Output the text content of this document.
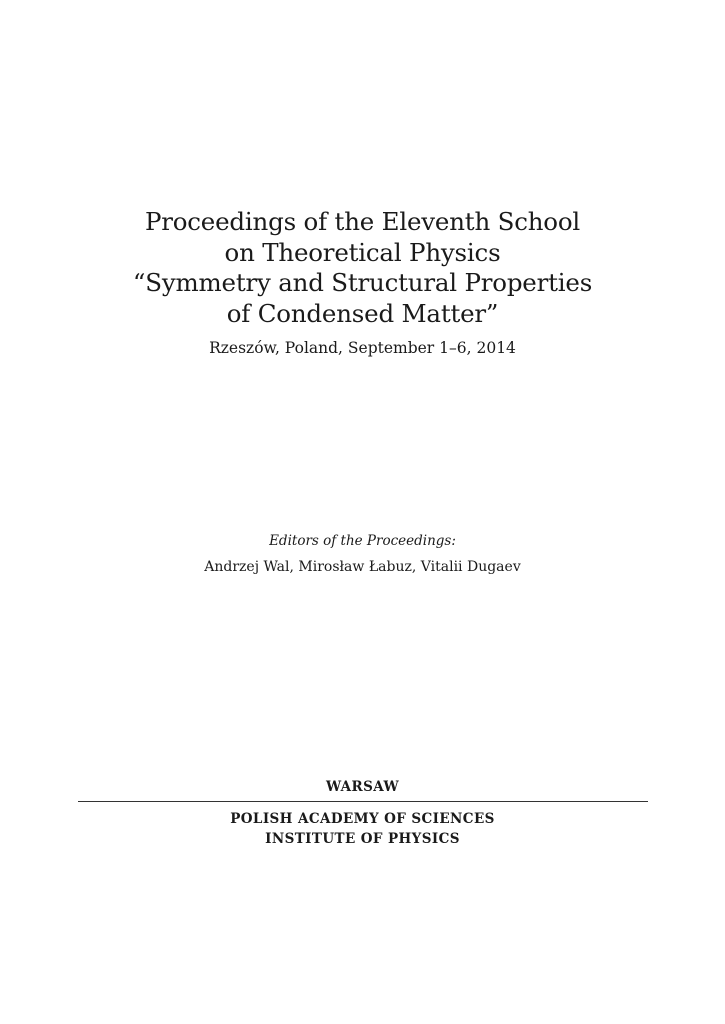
Proceedings of the Eleventh School
on Theoretical Physics
“Symmetry and Structural Properties
of Condensed Matter”
Rzeszów, Poland, September 1–6, 2014
Editors of the Proceedings:
Andrzej Wal, Mirosław Łabuz, Vitalii Dugaev
WARSAW
POLISH ACADEMY OF SCIENCES
INSTITUTE OF PHYSICS
